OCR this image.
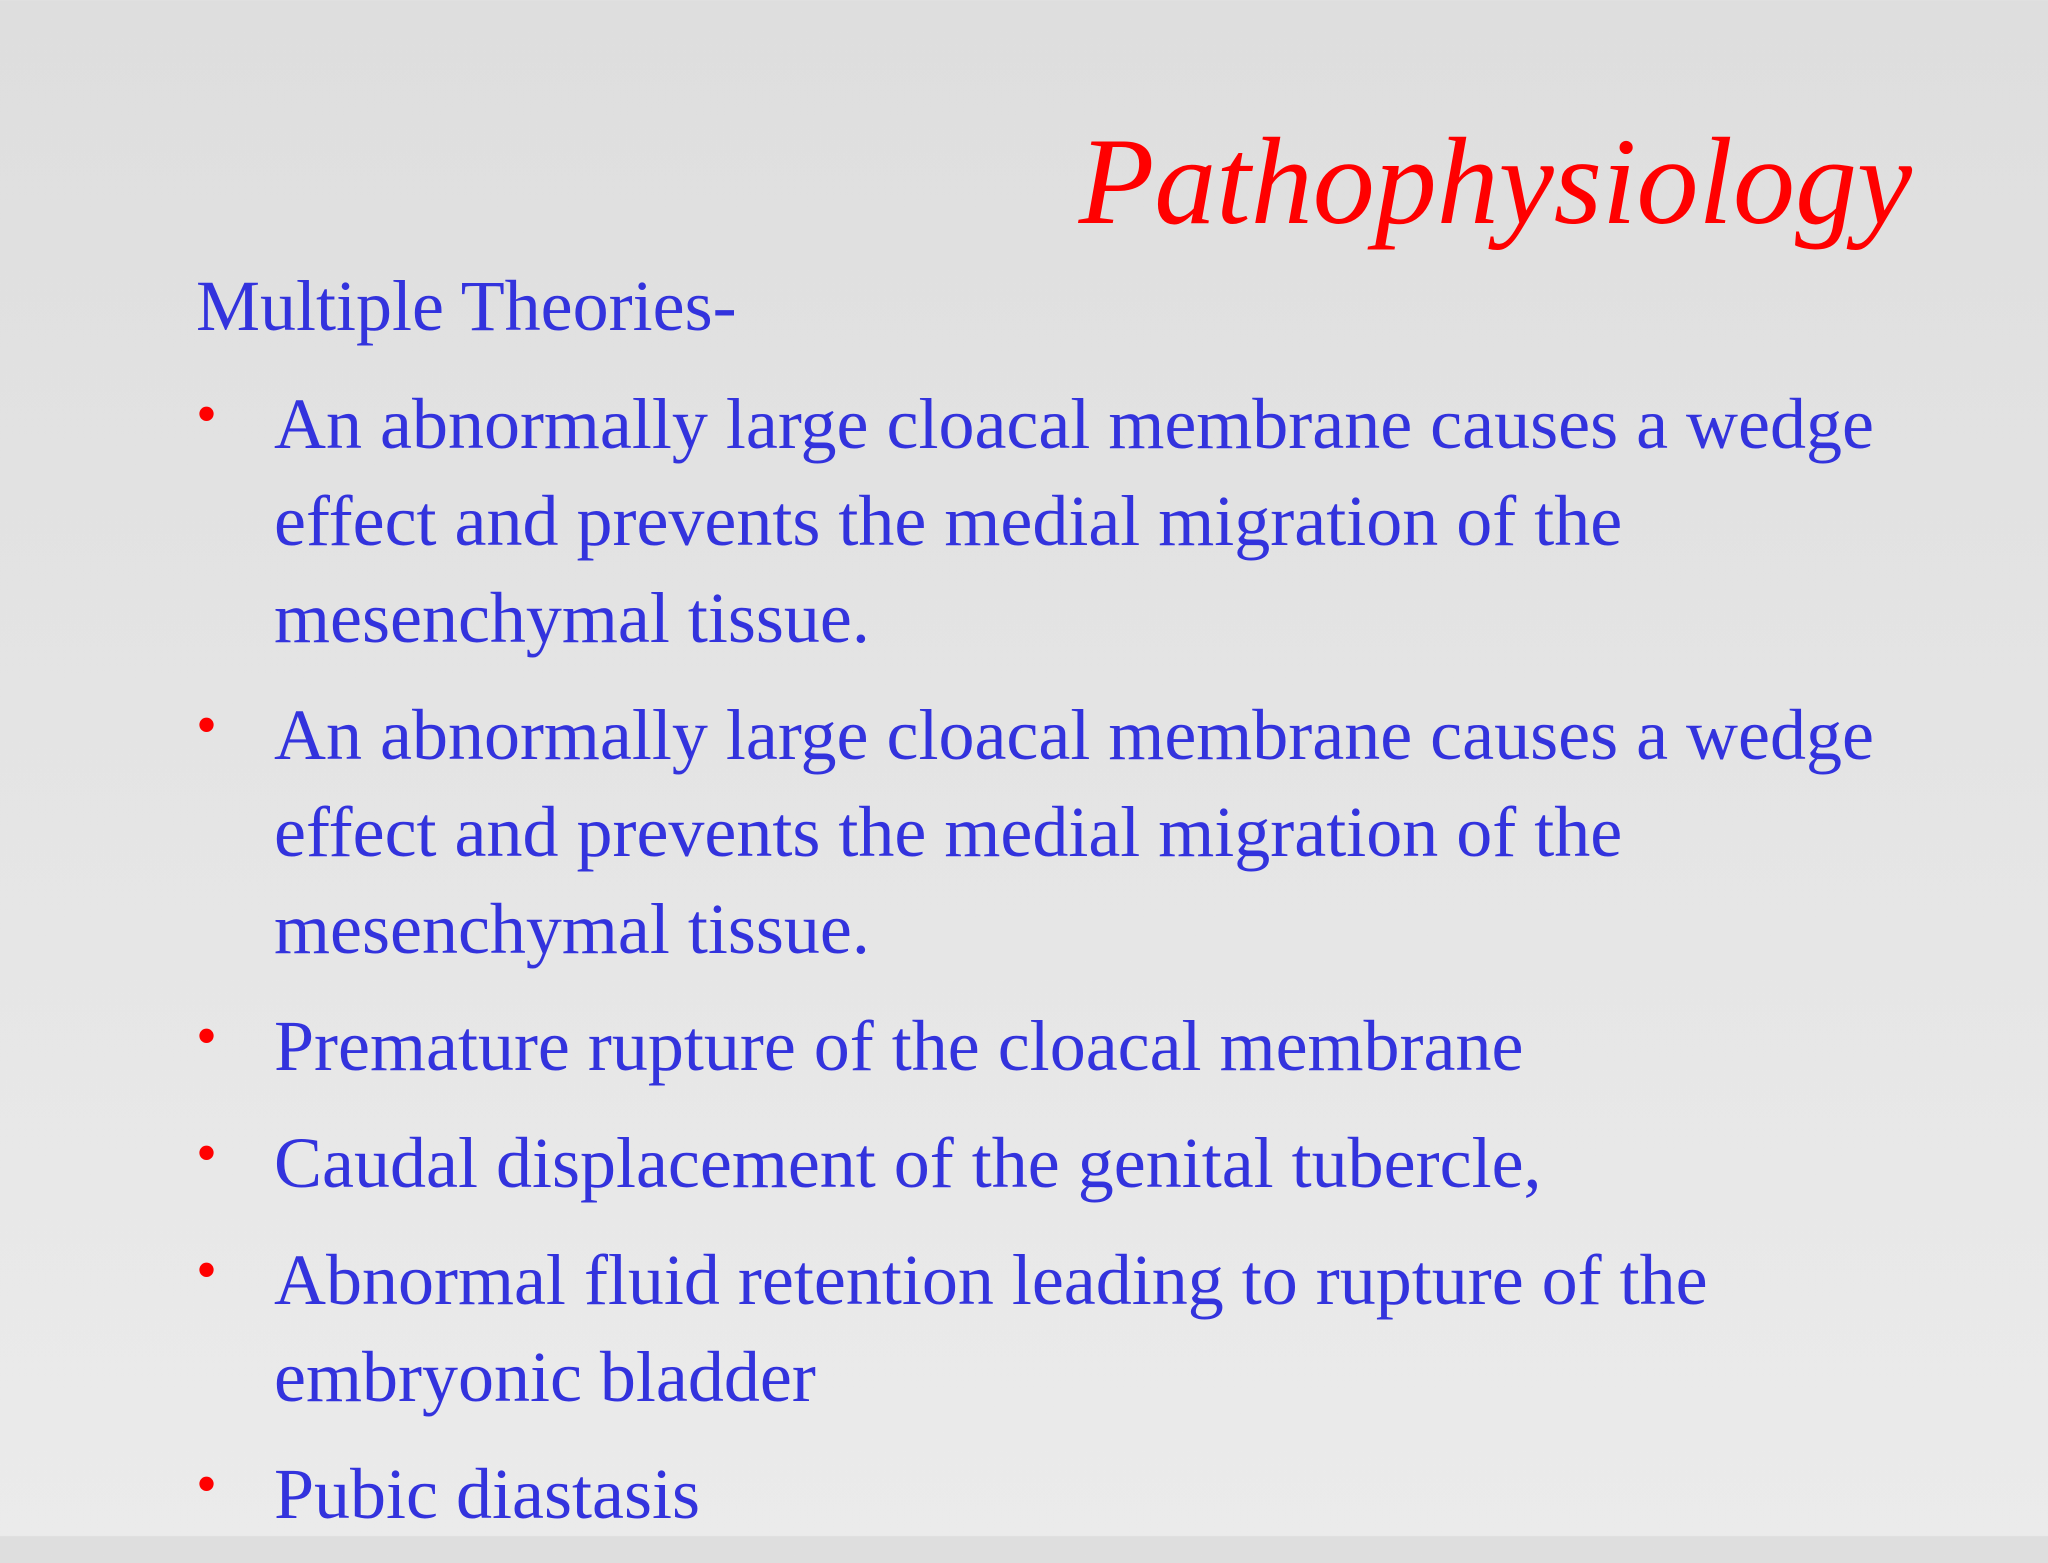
Pathophysiology
Multiple Theories-
• An abnormally large cloacal membrane causes a wedge effect and prevents the medial migration of the mesenchymal tissue.
• An abnormally large cloacal membrane causes a wedge effect and prevents the medial migration of the mesenchymal tissue.
• Premature rupture of the cloacal membrane
• Caudal displacement of the genital tubercle,
• Abnormal fluid retention leading to rupture of the embryonic bladder
• Pubic diastasis
